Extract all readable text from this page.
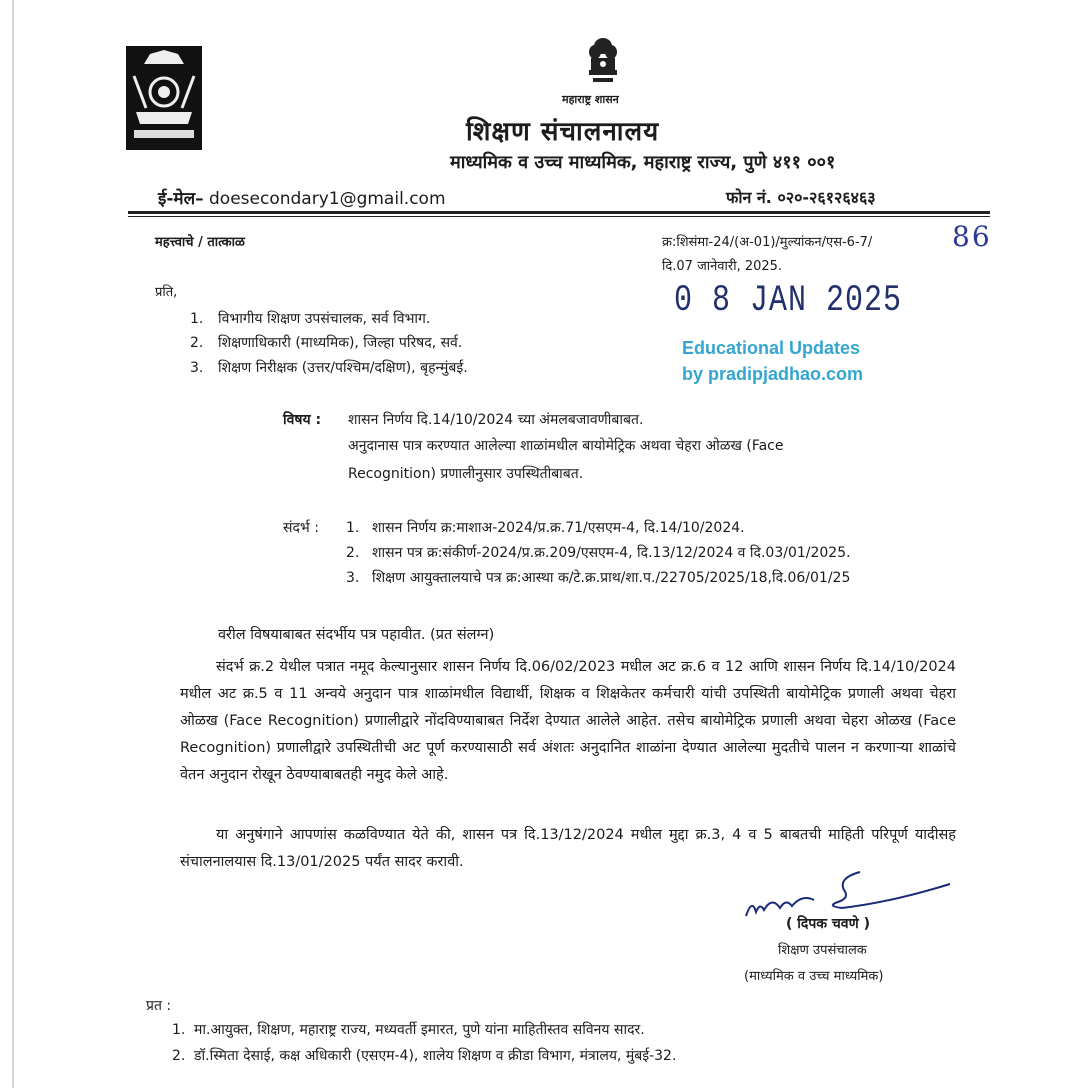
महाराष्ट्र शासन
शिक्षण संचालनालय
माध्यमिक व उच्च माध्यमिक, महाराष्ट्र राज्य, पुणे ४११ ००१
ई-मेल– doesecondary1@gmail.com	फोन नं. ०२०-२६१२६४६३
महत्त्वाचे / तात्काळ	क्र:शिसंमा-24/(अ-01)/मुल्यांकन/एस-6-7/	86
दि.07 जानेवारी, 2025.
0 8 JAN 2025
Educational Updates
by pradipjadhao.com
प्रति,
1. विभागीय शिक्षण उपसंचालक, सर्व विभाग.
2. शिक्षणाधिकारी (माध्यमिक), जिल्हा परिषद, सर्व.
3. शिक्षण निरीक्षक (उत्तर/पश्चिम/दक्षिण), बृहन्मुंबई.
विषय : शासन निर्णय दि.14/10/2024 च्या अंमलबजावणीबाबत.
अनुदानास पात्र करण्यात आलेल्या शाळांमधील बायोमेट्रिक अथवा चेहरा ओळख (Face
Recognition) प्रणालीनुसार उपस्थितीबाबत.
संदर्भ : 1. शासन निर्णय क्र:माशाअ-2024/प्र.क्र.71/एसएम-4, दि.14/10/2024.
2. शासन पत्र क्र:संकीर्ण-2024/प्र.क्र.209/एसएम-4, दि.13/12/2024 व दि.03/01/2025.
3. शिक्षण आयुक्तालयाचे पत्र क्र:आस्था क/टे.क्र.प्राथ/शा.प./22705/2025/18,दि.06/01/25
वरील विषयाबाबत संदर्भीय पत्र पहावीत. (प्रत संलग्न)
संदर्भ क्र.2 येथील पत्रात नमूद केल्यानुसार शासन निर्णय दि.06/02/2023 मधील अट क्र.6 व 12 आणि शासन निर्णय दि.14/10/2024 मधील अट क्र.5 व 11 अन्वये अनुदान पात्र शाळांमधील विद्यार्थी, शिक्षक व शिक्षकेतर कर्मचारी यांची उपस्थिती बायोमेट्रिक प्रणाली अथवा चेहरा ओळख (Face Recognition) प्रणालीद्वारे नोंदविण्याबाबत निर्देश देण्यात आलेले आहेत. तसेच बायोमेट्रिक प्रणाली अथवा चेहरा ओळख (Face Recognition) प्रणालीद्वारे उपस्थितीची अट पूर्ण करण्यासाठी सर्व अंशतः अनुदानित शाळांना देण्यात आलेल्या मुदतीचे पालन न करणाऱ्या शाळांचे वेतन अनुदान रोखून ठेवण्याबाबतही नमुद केले आहे.
या अनुषंगाने आपणांस कळविण्यात येते की, शासन पत्र दि.13/12/2024 मधील मुद्दा क्र.3, 4 व 5 बाबतची माहिती परिपूर्ण यादीसह संचालनालयास दि.13/01/2025 पर्यंत सादर करावी.
( दिपक चवणे )
शिक्षण उपसंचालक
(माध्यमिक व उच्च माध्यमिक)
प्रत :
1. मा.आयुक्त, शिक्षण, महाराष्ट्र राज्य, मध्यवर्ती इमारत, पुणे यांना माहितीस्तव सविनय सादर.
2. डॉ.स्मिता देसाई, कक्ष अधिकारी (एसएम-4), शालेय शिक्षण व क्रीडा विभाग, मंत्रालय, मुंबई-32.
